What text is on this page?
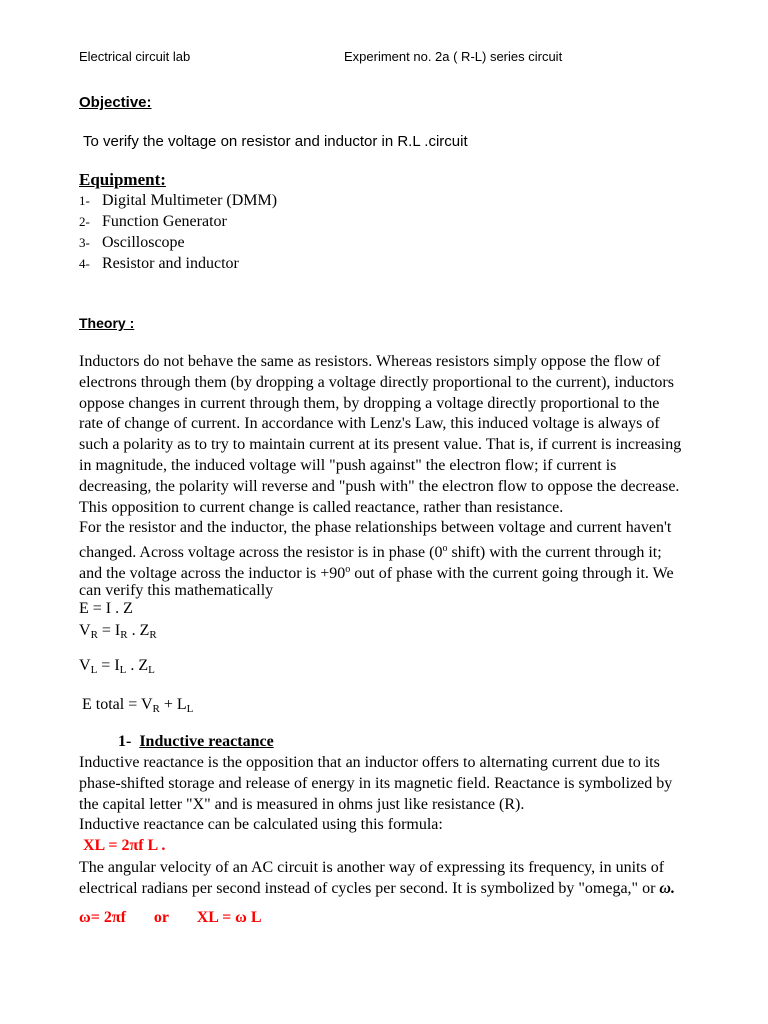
Electrical circuit lab	Experiment no. 2a ( R-L) series circuit
Objective:
To verify the voltage on resistor and inductor in R.L .circuit
Equipment:
1- Digital Multimeter (DMM)
2- Function Generator
3- Oscilloscope
4- Resistor and inductor
Theory :
Inductors do not behave the same as resistors. Whereas resistors simply oppose the flow of
electrons through them (by dropping a voltage directly proportional to the current), inductors
oppose changes in current through them, by dropping a voltage directly proportional to the
rate of change of current. In accordance with Lenz's Law, this induced voltage is always of
such a polarity as to try to maintain current at its present value. That is, if current is increasing
in magnitude, the induced voltage will "push against" the electron flow; if current is
decreasing, the polarity will reverse and "push with" the electron flow to oppose the decrease.
This opposition to current change is called reactance, rather than resistance.
For the resistor and the inductor, the phase relationships between voltage and current haven't
changed. Across voltage across the resistor is in phase (0$^o$ shift) with the current through it;
and the voltage across the inductor is $+90^o$ out of phase with the current going through it. We
can verify this mathematically
E = I . Z
$V_R = I_R$ . $Z_R$
$V_L = I_L$ . $Z_L$
E total = $V_R + L_L$
1- Inductive reactance
Inductive reactance is the opposition that an inductor offers to alternating current due to its
phase-shifted storage and release of energy in its magnetic field. Reactance is symbolized by
the capital letter "X" and is measured in ohms just like resistance (R).
Inductive reactance can be calculated using this formula:
XL = 2πf L .
The angular velocity of an AC circuit is another way of expressing its frequency, in units of
electrical radians per second instead of cycles per second. It is symbolized by "omega," or ω.
ω= 2πf or XL = ω L
